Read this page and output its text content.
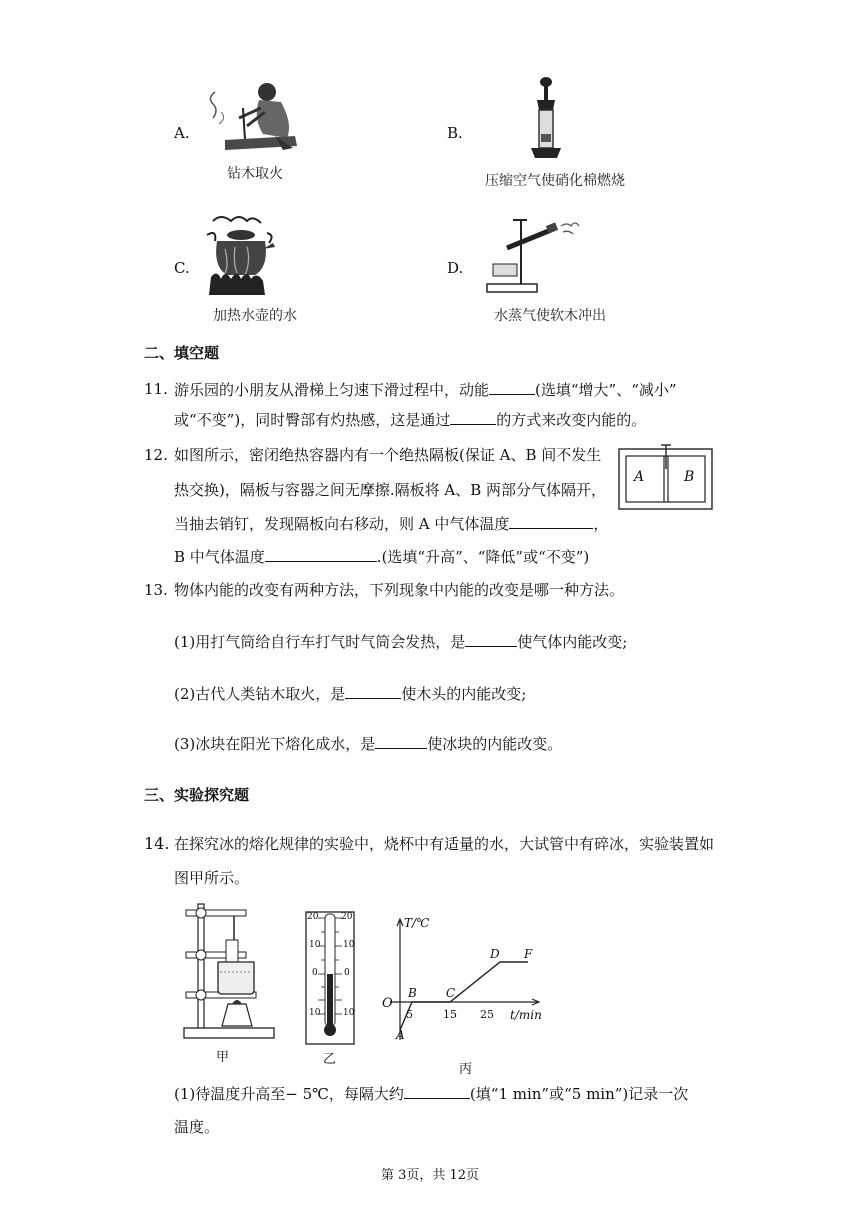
A.
钻木取火
B.
压缩空气使硝化棉燃烧
C.
加热水壶的水
D.
水蒸气使软木冲出
二、填空题
11. 游乐园的小朋友从滑梯上匀速下滑过程中，动能	(选填“增大”、“减小”
或“不变”)，同时臀部有灼热感，这是通过	的方式来改变内能的。
12. 如图所示，密闭绝热容器内有一个绝热隔板(保证 A、B 间不发生
热交换)，隔板与容器之间无摩擦.隔板将 A、B 两部分气体隔开，
当抽去销钉，发现隔板向右移动，则 A 中气体温度	，
B 中气体温度	.(选填“升高”、“降低”或“不变”)
A	B
13. 物体内能的改变有两种方法，下列现象中内能的改变是哪一种方法。
(1)用打气筒给自行车打气时气筒会发热，是	使气体内能改变;
(2)古代人类钻木取火，是	使木头的内能改变;
(3)冰块在阳光下熔化成水，是	使冰块的内能改变。
三、实验探究题
14. 在探究冰的熔化规律的实验中，烧杯中有适量的水，大试管中有碎冰，实验装置如
图甲所示。
甲
20	20
10	10
0	0
10	10
乙
T/℃
t/min
O
5	15 25
A
B C
D F
丙
(1)待温度升高至− 5℃，每隔大约	(填“1 min”或“5 min”)记录一次
温度。
第 3页，共 12页
